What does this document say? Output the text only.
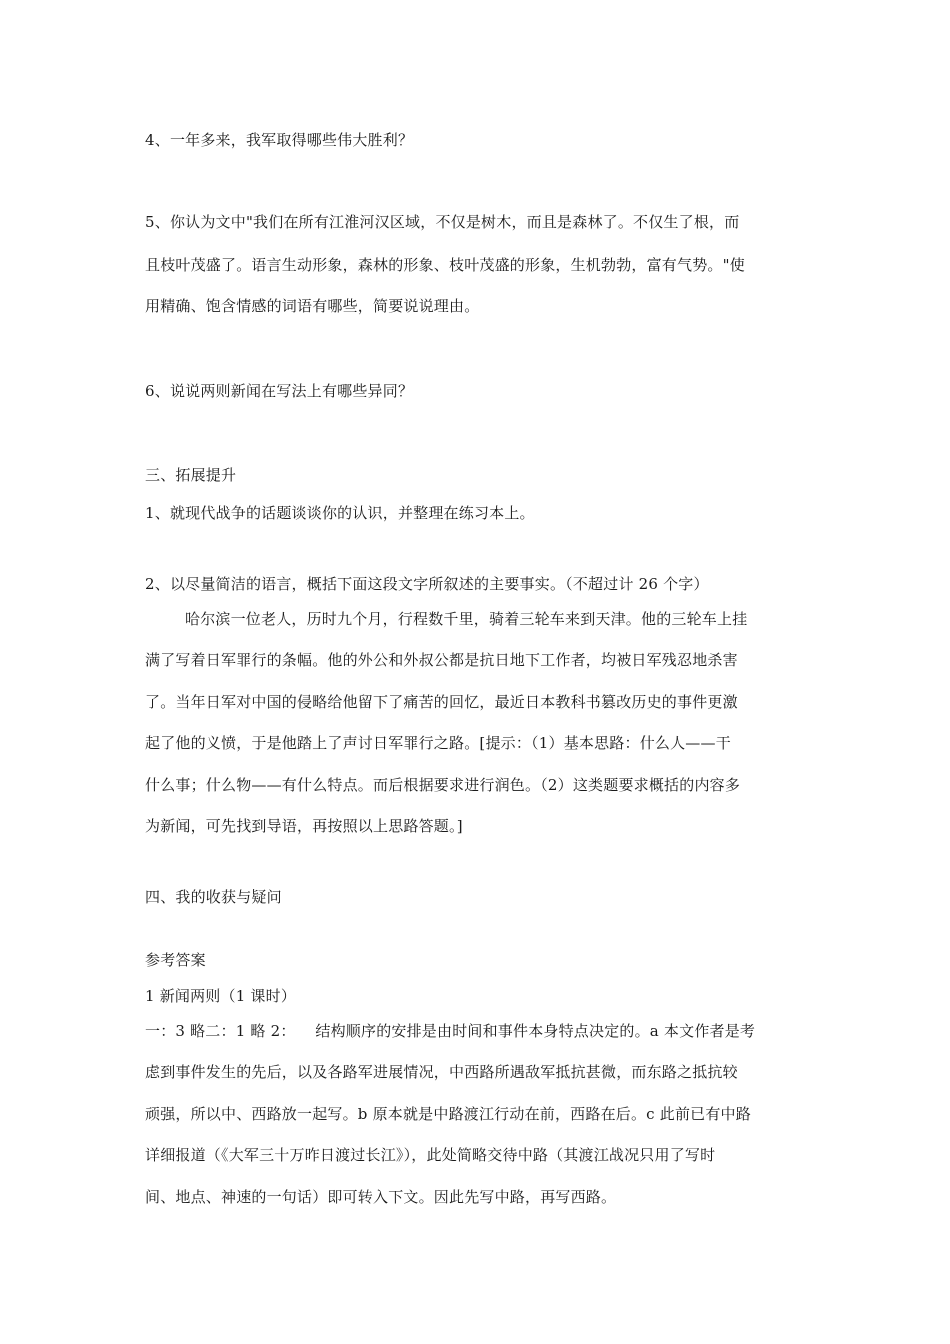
4、一年多来，我军取得哪些伟大胜利？
5、你认为文中"我们在所有江淮河汉区域，不仅是树木，而且是森林了。不仅生了根，而
且枝叶茂盛了。语言生动形象，森林的形象、枝叶茂盛的形象，生机勃勃，富有气势。"使
用精确、饱含情感的词语有哪些，简要说说理由。
6、说说两则新闻在写法上有哪些异同？
三、拓展提升
1、就现代战争的话题谈谈你的认识，并整理在练习本上。
2、以尽量简洁的语言，概括下面这段文字所叙述的主要事实。（不超过计 26 个字）
哈尔滨一位老人，历时九个月，行程数千里，骑着三轮车来到天津。他的三轮车上挂
满了写着日军罪行的条幅。他的外公和外叔公都是抗日地下工作者，均被日军残忍地杀害
了。当年日军对中国的侵略给他留下了痛苦的回忆，最近日本教科书篡改历史的事件更激
起了他的义愤，于是他踏上了声讨日军罪行之路。[提示：（1）基本思路：什么人——干
什么事；什么物——有什么特点。而后根据要求进行润色。（2）这类题要求概括的内容多
为新闻，可先找到导语，再按照以上思路答题。]
四、我的收获与疑问
参考答案
1 新闻两则（1 课时）
一：3 略二：1 略 2：    结构顺序的安排是由时间和事件本身特点决定的。a 本文作者是考
虑到事件发生的先后，以及各路军进展情况，中西路所遇敌军抵抗甚微，而东路之抵抗较
顽强，所以中、西路放一起写。b 原本就是中路渡江行动在前，西路在后。c 此前已有中路
详细报道（《大军三十万昨日渡过长江》），此处简略交待中路（其渡江战况只用了写时
间、地点、神速的一句话）即可转入下文。因此先写中路，再写西路。
